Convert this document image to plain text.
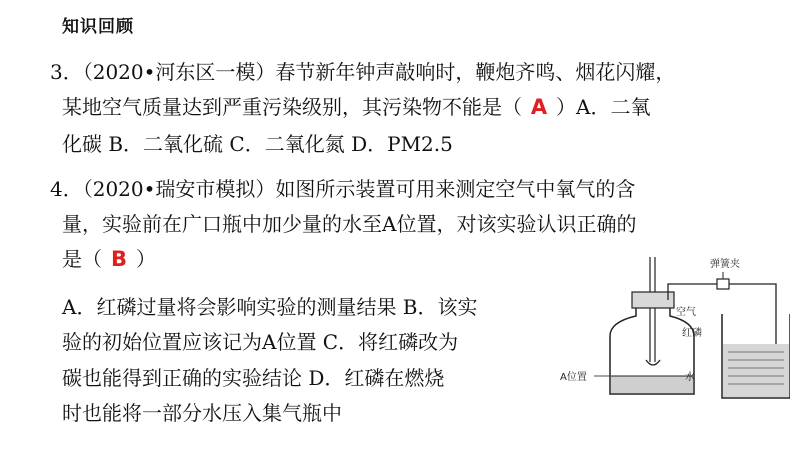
知识回顾
3．（2020•河东区一模）春节新年钟声敲响时，鞭炮齐鸣、烟花闪耀，
某地空气质量达到严重污染级别，其污染物不能是（ A ）A．二氧
化碳 B．二氧化硫 C．二氧化氮 D．PM2.5
4．（2020•瑞安市模拟）如图所示装置可用来测定空气中氧气的含
量，实验前在广口瓶中加少量的水至A位置，对该实验认识正确的
是（ B ）
A．红磷过量将会影响实验的测量结果 B．该实
验的初始位置应该记为A位置 C．将红磷改为
碳也能得到正确的实验结论 D．红磷在燃烧
时也能将一部分水压入集气瓶中
弹簧夹
空气
红磷
水
A位置
